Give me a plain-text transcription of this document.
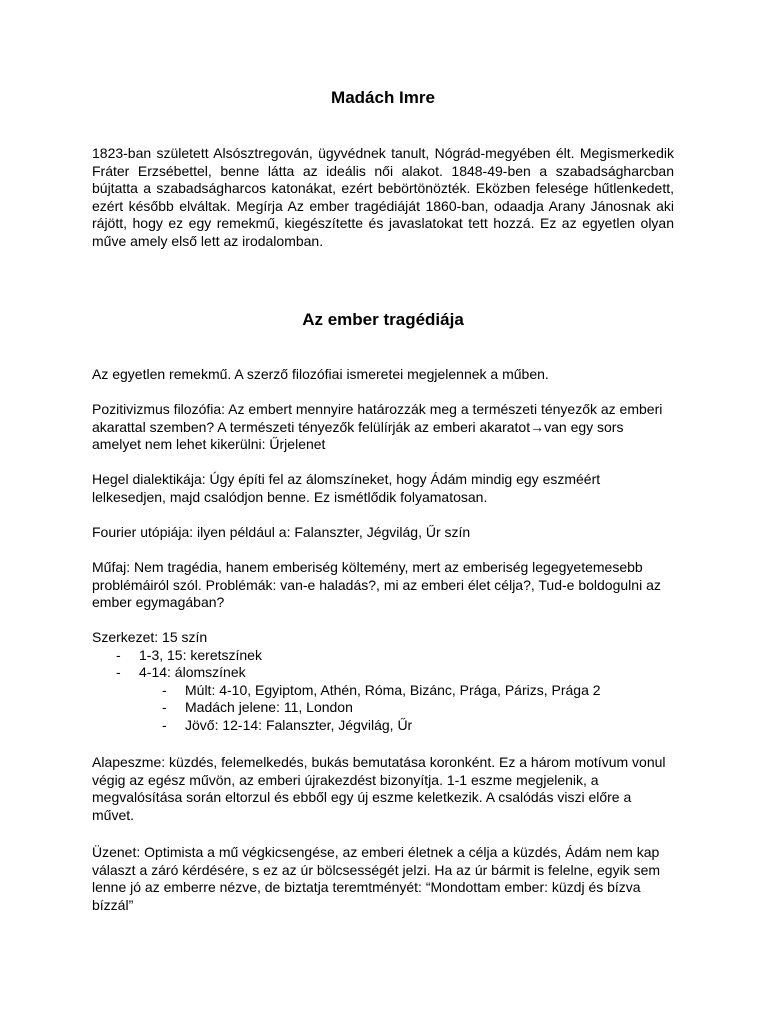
Madách Imre

1823-ban született Alsósztregován, ügyvédnek tanult, Nógrád-megyében élt. Megismerkedik Fráter Erzsébettel, benne látta az ideális női alakot. 1848-49-ben a szabadságharcban bújtatta a szabadságharcos katonákat, ezért bebörtönözték. Eközben felesége hűtlenkedett, ezért később elváltak. Megírja Az ember tragédiáját 1860-ban, odaadja Arany Jánosnak aki rájött, hogy ez egy remekmű, kiegészítette és javaslatokat tett hozzá. Ez az egyetlen olyan műve amely első lett az irodalomban.

Az ember tragédiája

Az egyetlen remekmű. A szerző filozófiai ismeretei megjelennek a műben.

Pozitivizmus filozófia: Az embert mennyire határozzák meg a természeti tényezők az emberi akarattal szemben? A természeti tényezők felülírják az emberi akaratot→van egy sors amelyet nem lehet kikerülni: Űrjelenet

Hegel dialektikája: Úgy építi fel az álomszíneket, hogy Ádám mindig egy eszméért lelkesedjen, majd csalódjon benne. Ez ismétlődik folyamatosan.

Fourier utópiája: ilyen például a: Falanszter, Jégvilág, Űr szín

Műfaj: Nem tragédia, hanem emberiség költemény, mert az emberiség legegyetemesebb problémáiról szól. Problémák: van-e haladás?, mi az emberi élet célja?, Tud-e boldogulni az ember egymagában?

Szerkezet: 15 szín
- 1-3, 15: keretszínek
- 4-14: álomszínek
- Múlt: 4-10, Egyiptom, Athén, Róma, Bizánc, Prága, Párizs, Prága 2
- Madách jelene: 11, London
- Jövő: 12-14: Falanszter, Jégvilág, Űr

Alapeszme: küzdés, felemelkedés, bukás bemutatása koronként. Ez a három motívum vonul végig az egész művön, az emberi újrakezdést bizonyítja. 1-1 eszme megjelenik, a megvalósítása során eltorzul és ebből egy új eszme keletkezik. A csalódás viszi előre a művet.

Üzenet: Optimista a mű végkicsengése, az emberi életnek a célja a küzdés, Ádám nem kap választ a záró kérdésére, s ez az úr bölcsességét jelzi. Ha az úr bármit is felelne, egyik sem lenne jó az emberre nézve, de biztatja teremtményét: “Mondottam ember: küzdj és bízva bízzál”
